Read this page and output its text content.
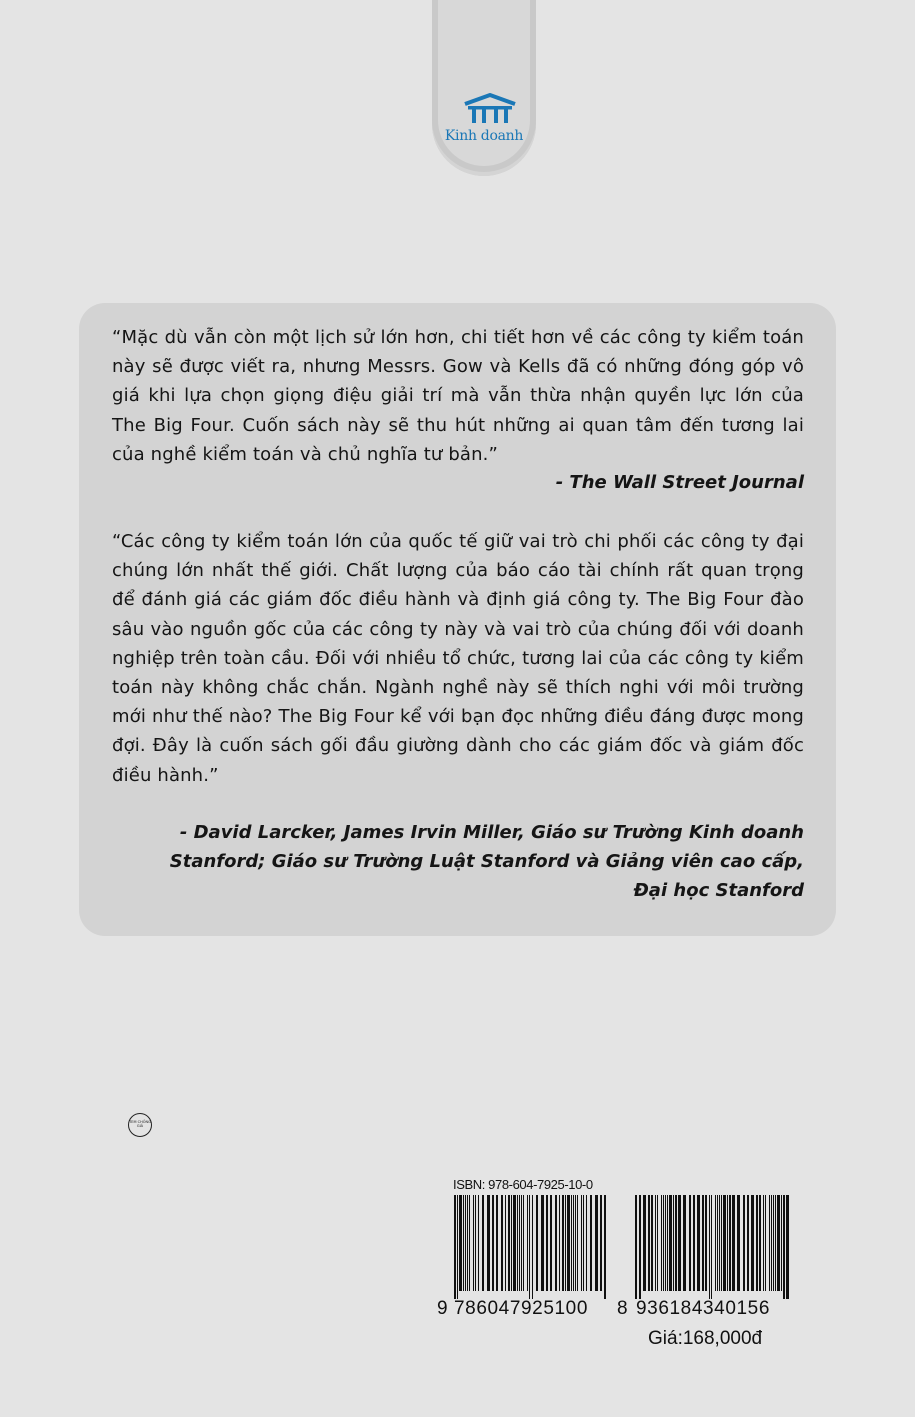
Kinh doanh
“Mặc dù vẫn còn một lịch sử lớn hơn, chi tiết hơn về các công ty kiểm toán này sẽ được viết ra, nhưng Messrs. Gow và Kells đã có những đóng góp vô giá khi lựa chọn giọng điệu giải trí mà vẫn thừa nhận quyền lực lớn của The Big Four. Cuốn sách này sẽ thu hút những ai quan tâm đến tương lai của nghề kiểm toán và chủ nghĩa tư bản.”
- The Wall Street Journal
“Các công ty kiểm toán lớn của quốc tế giữ vai trò chi phối các công ty đại chúng lớn nhất thế giới. Chất lượng của báo cáo tài chính rất quan trọng để đánh giá các giám đốc điều hành và định giá công ty. The Big Four đào sâu vào nguồn gốc của các công ty này và vai trò của chúng đối với doanh nghiệp trên toàn cầu. Đối với nhiều tổ chức, tương lai của các công ty kiểm toán này không chắc chắn. Ngành nghề này sẽ thích nghi với môi trường mới như thế nào? The Big Four kể với bạn đọc những điều đáng được mong đợi. Đây là cuốn sách gối đầu giường dành cho các giám đốc và giám đốc điều hành.”
- David Larcker, James Irvin Miller, Giáo sư Trường Kinh doanh Stanford; Giáo sư Trường Luật Stanford và Giảng viên cao cấp, Đại học Stanford
TEM CHỐNG GIẢ
ISBN: 978-604-7925-10-0
9 786047925100 8 936184340156
Giá:168,000đ
